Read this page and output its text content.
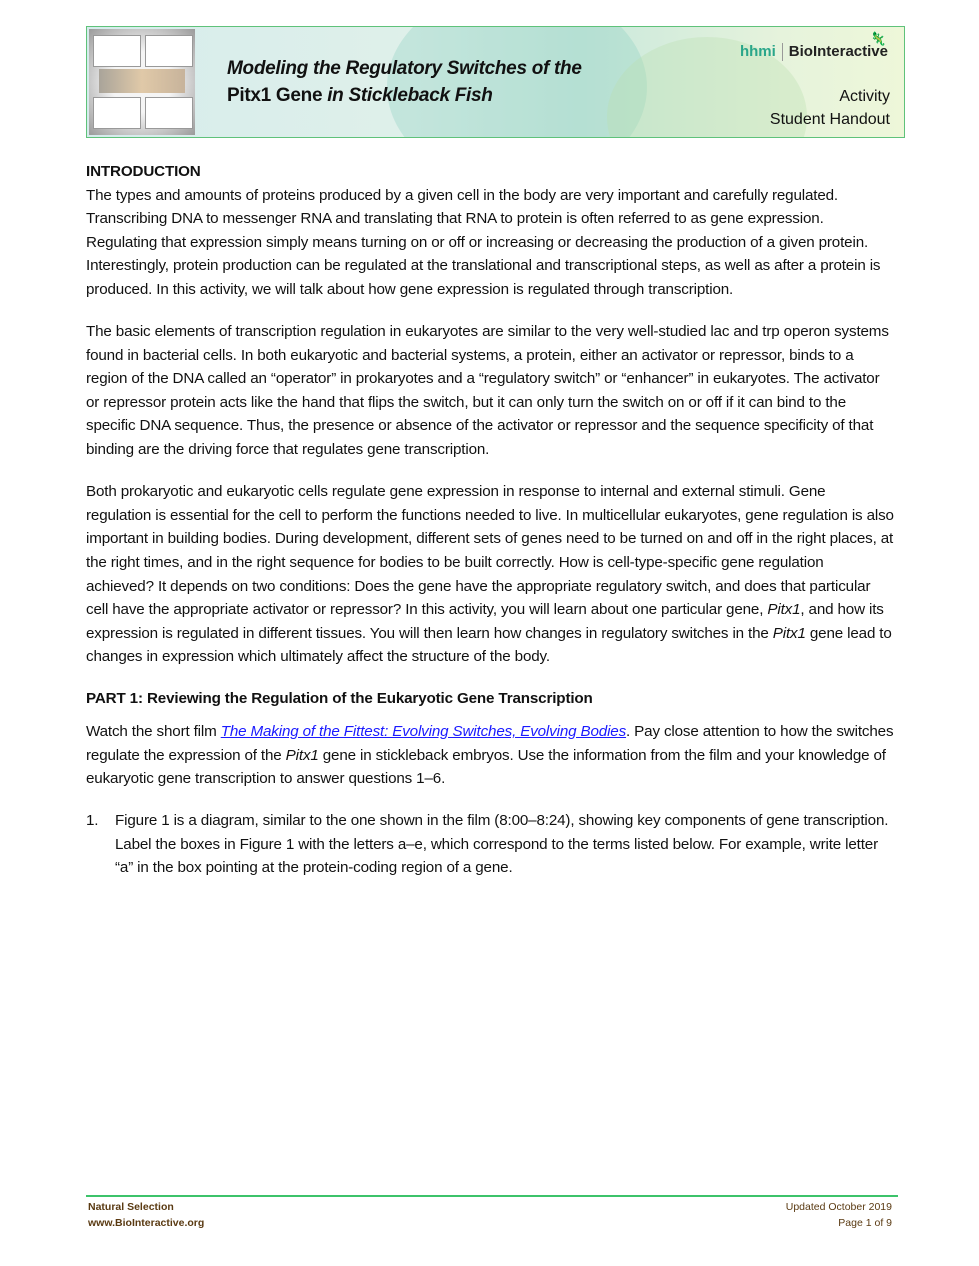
Modeling the Regulatory Switches of the
Pitx1 Gene in Stickleback Fish
🦎
hhmi BioInteractive
Activity
Student Handout
INTRODUCTION

The types and amounts of proteins produced by a given cell in the body are very important and carefully regulated. Transcribing DNA to messenger RNA and translating that RNA to protein is often referred to as gene expression. Regulating that expression simply means turning on or off or increasing or decreasing the production of a given protein. Interestingly, protein production can be regulated at the translational and transcriptional steps, as well as after a protein is produced. In this activity, we will talk about how gene expression is regulated through transcription.

The basic elements of transcription regulation in eukaryotes are similar to the very well-studied lac and trp operon systems found in bacterial cells. In both eukaryotic and bacterial systems, a protein, either an activator or repressor, binds to a region of the DNA called an “operator” in prokaryotes and a “regulatory switch” or “enhancer” in eukaryotes. The activator or repressor protein acts like the hand that flips the switch, but it can only turn the switch on or off if it can bind to the specific DNA sequence. Thus, the presence or absence of the activator or repressor and the sequence specificity of that binding are the driving force that regulates gene transcription.

Both prokaryotic and eukaryotic cells regulate gene expression in response to internal and external stimuli. Gene regulation is essential for the cell to perform the functions needed to live. In multicellular eukaryotes, gene regulation is also important in building bodies. During development, different sets of genes need to be turned on and off in the right places, at the right times, and in the right sequence for bodies to be built correctly. How is cell-type-specific gene regulation achieved? It depends on two conditions: Does the gene have the appropriate regulatory switch, and does that particular cell have the appropriate activator or repressor? In this activity, you will learn about one particular gene, Pitx1, and how its expression is regulated in different tissues. You will then learn how changes in regulatory switches in the Pitx1 gene lead to changes in expression which ultimately affect the structure of the body.

PART 1: Reviewing the Regulation of the Eukaryotic Gene Transcription

Watch the short film The Making of the Fittest: Evolving Switches, Evolving Bodies. Pay close attention to how the switches regulate the expression of the Pitx1 gene in stickleback embryos. Use the information from the film and your knowledge of eukaryotic gene transcription to answer questions 1–6.

1.	Figure 1 is a diagram, similar to the one shown in the film (8:00–8:24), showing key components of gene transcription. Label the boxes in Figure 1 with the letters a–e, which correspond to the terms listed below. For example, write letter “a” in the box pointing at the protein-coding region of a gene.
Natural Selection
www.BioInteractive.org
Updated October 2019
Page 1 of 9
